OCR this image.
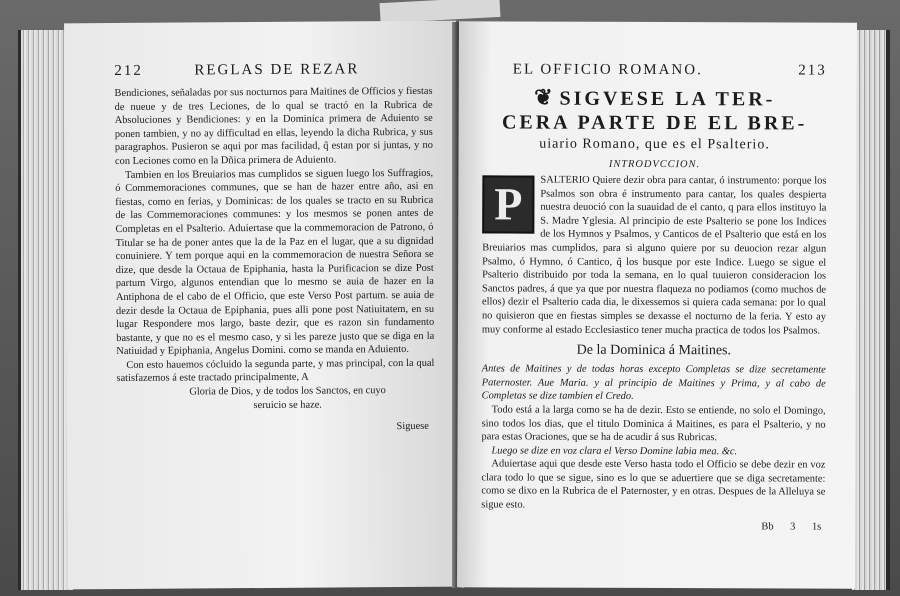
212	REGLAS DE REZAR

Bendiciones, señaladas por sus nocturnos para Maitines de Officios y fiestas de nueue y de tres Leciones, de lo qual se tractó en la Rubrica de Absoluciones y Bendiciones: y en la Dominica primera de Aduiento se ponen tambien, y no ay difficultad en ellas, leyendo la dicha Rubrica, y sus paragraphos. Pusieron se aqui por mas facilidad, q̃ estan por si juntas, y no con Leciones como en la Dñica primera de Aduiento.

Tambien en los Breuiarios mas cumplidos se siguen luego los Suffragios, ó Commemoraciones communes, que se han de hazer entre año, asi en fiestas, como en ferias, y Dominicas: de los quales se tracto en su Rubrica de las Commemoraciones communes: y los mesmos se ponen antes de Completas en el Psalterio. Aduiertase que la commemoracion de Patrono, ó Titular se ha de poner antes que la de la Paz en el lugar, que a su dignidad conuiniere. Y tem porque aqui en la commemoracion de nuestra Señora se dize, que desde la Octaua de Epiphania, hasta la Purificacion se dize Post partum Virgo, algunos entendian que lo mesmo se auia de hazer en la Antiphona de el cabo de el Officio, que este Verso Post partum. se auia de dezir desde la Octaua de Epiphania, pues alli pone post Natiuitatem, en su lugar Respondere mos largo, baste dezir, que es razon sin fundamento bastante, y que no es el mesmo caso, y si les pareze justo que se diga en la Natiuidad y Epiphania, Angelus Domini. como se manda en Aduiento.

Con esto hauemos cócluido la segunda parte, y mas principal, con la qual satisfazemos á este tractado principalmente, A

Gloria de Dios, y de todos los Sanctos, en cuyo
seruicio se haze.
Siguese
EL OFFICIO ROMANO.	213
❦ SIGVESE LA TER-
CERA PARTE DE EL BRE-
uiario Romano, que es el Psalterio.
INTRODVCCION.
P	SALTERIO Quiere dezir obra para cantar, ó instrumento: porque los Psalmos son obra é instrumento para cantar, los quales despierta nuestra deuoció con la suauidad de el canto, q para ellos instituyo la S. Madre Yglesia. Al principio de este Psalterio se pone los Indices de los Hymnos y Psalmos, y Canticos de el Psalterio que está en los Breuiarios mas cumplidos, para si alguno quiere por su deuocion rezar algun Psalmo, ó Hymno, ó Cantico, q̃ los busque por este Indice. Luego se sigue el Psalterio distribuido por toda la semana, en lo qual tuuieron consideracion los Sanctos padres, á que ya que por nuestra flaqueza no podiamos (como muchos de ellos) dezir el Psalterio cada dia, le dixessemos si quiera cada semana: por lo qual no quisieron que en fiestas simples se dexasse el nocturno de la feria. Y esto ay muy conforme al estado Ecclesiastico tener mucha practica de todos los Psalmos.

De la Dominica á Maitines.

Antes de Maitines y de todas horas excepto Completas se dize secretamente Paternoster. Aue Maria. y al principio de Maitines y Prima, y al cabo de Completas se dize tambien el Credo.

Todo está a la larga como se ha de dezir. Esto se entiende, no solo el Domingo, sino todos los dias, que el titulo Dominica á Maitines, es para el Psalterio, y no para estas Oraciones, que se ha de acudir á sus Rubricas.

Luego se dize en voz clara el Verso Domine labia mea. &c.

Aduiertase aqui que desde este Verso hasta todo el Officio se debe dezir en voz clara todo lo que se sigue, sino es lo que se aduertiere que se diga secretamente: como se dixo en la Rubrica de el Paternoster, y en otras. Despues de la Alleluya se sigue esto.

Bb 3 1s
